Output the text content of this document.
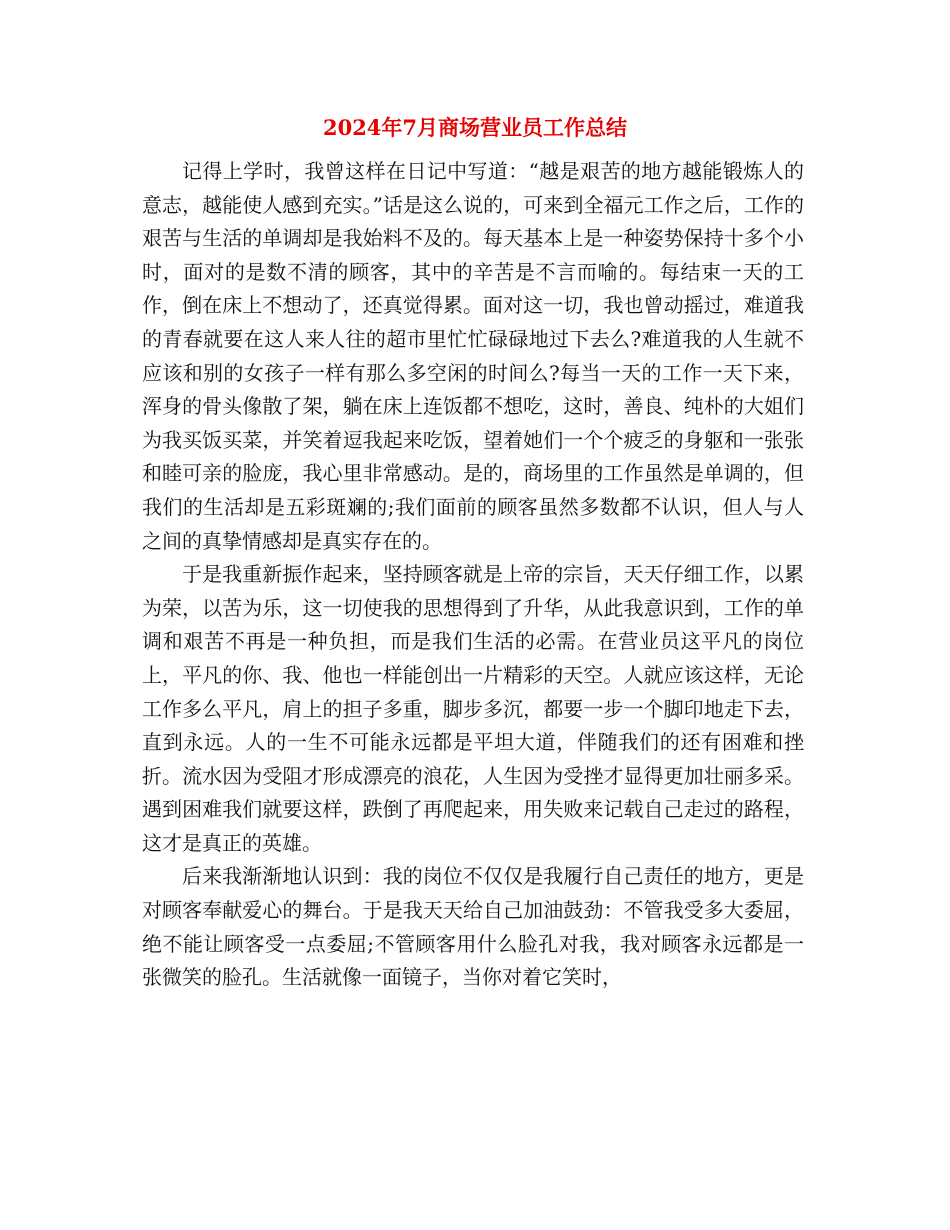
2024年7月商场营业员工作总结

记得上学时，我曾这样在日记中写道：“越是艰苦的地方越能锻炼人的意志，越能使人感到充实。”话是这么说的，可来到全福元工作之后，工作的艰苦与生活的单调却是我始料不及的。每天基本上是一种姿势保持十多个小时，面对的是数不清的顾客，其中的辛苦是不言而喻的。每结束一天的工作，倒在床上不想动了，还真觉得累。面对这一切，我也曾动摇过，难道我的青春就要在这人来人往的超市里忙忙碌碌地过下去么?难道我的人生就不应该和别的女孩子一样有那么多空闲的时间么?每当一天的工作一天下来，浑身的骨头像散了架，躺在床上连饭都不想吃，这时，善良、纯朴的大姐们为我买饭买菜，并笑着逗我起来吃饭，望着她们一个个疲乏的身躯和一张张和睦可亲的脸庞，我心里非常感动。是的，商场里的工作虽然是单调的，但我们的生活却是五彩斑斓的;我们面前的顾客虽然多数都不认识，但人与人之间的真挚情感却是真实存在的。

于是我重新振作起来，坚持顾客就是上帝的宗旨，天天仔细工作，以累为荣，以苦为乐，这一切使我的思想得到了升华，从此我意识到，工作的单调和艰苦不再是一种负担，而是我们生活的必需。在营业员这平凡的岗位上，平凡的你、我、他也一样能创出一片精彩的天空。人就应该这样，无论工作多么平凡，肩上的担子多重，脚步多沉，都要一步一个脚印地走下去，直到永远。人的一生不可能永远都是平坦大道，伴随我们的还有困难和挫折。流水因为受阻才形成漂亮的浪花，人生因为受挫才显得更加壮丽多采。遇到困难我们就要这样，跌倒了再爬起来，用失败来记载自己走过的路程，这才是真正的英雄。

后来我渐渐地认识到：我的岗位不仅仅是我履行自己责任的地方，更是对顾客奉献爱心的舞台。于是我天天给自己加油鼓劲：不管我受多大委屈，绝不能让顾客受一点委屈;不管顾客用什么脸孔对我，我对顾客永远都是一张微笑的脸孔。生活就像一面镜子，当你对着它笑时，
